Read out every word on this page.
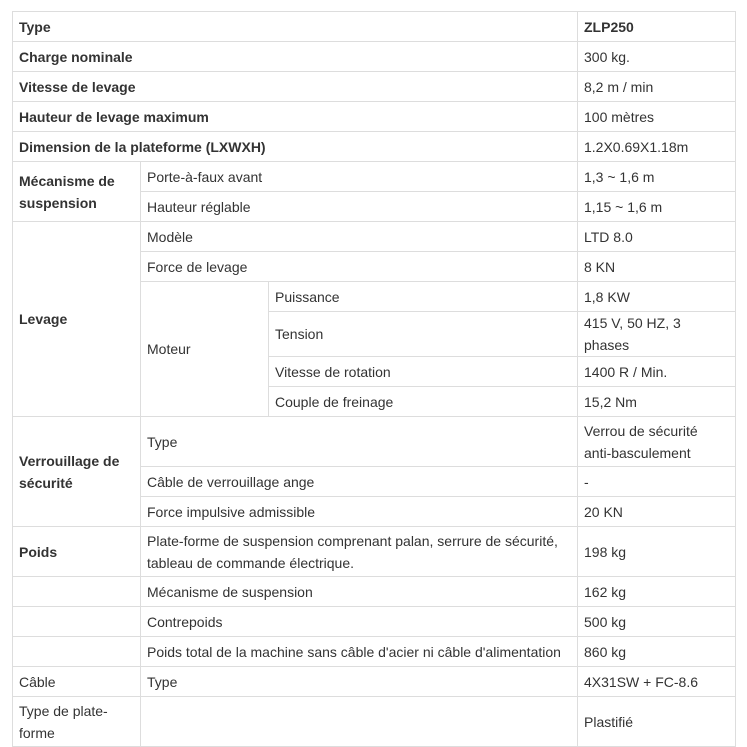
Type			ZLP250
Charge nominale			300 kg.
Vitesse de levage			8,2 m / min
Hauteur de levage maximum			100 mètres
Dimension de la plateforme (LXWXH)			1.2X0.69X1.18m
Mécanisme de suspension	Porte-à-faux avant		1,3 ~ 1,6 m
	Hauteur réglable		1,15 ~ 1,6 m
Levage	Modèle		LTD 8.0
	Force de levage		8 KN
	Moteur	Puissance	1,8 KW
		Tension	415 V, 50 HZ, 3 phases
		Vitesse de rotation	1400 R / Min.
		Couple de freinage	15,2 Nm
Verrouillage de sécurité	Type		Verrou de sécurité anti-basculement
	Câble de verrouillage ange		-
	Force impulsive admissible		20 KN
Poids	Plate-forme de suspension comprenant palan, serrure de sécurité, tableau de commande électrique.		198 kg
	Mécanisme de suspension		162 kg
	Contrepoids		500 kg
	Poids total de la machine sans câble d'acier ni câble d'alimentation		860 kg
Câble	Type		4X31SW + FC-8.6
Type de plate-forme			Plastifié
